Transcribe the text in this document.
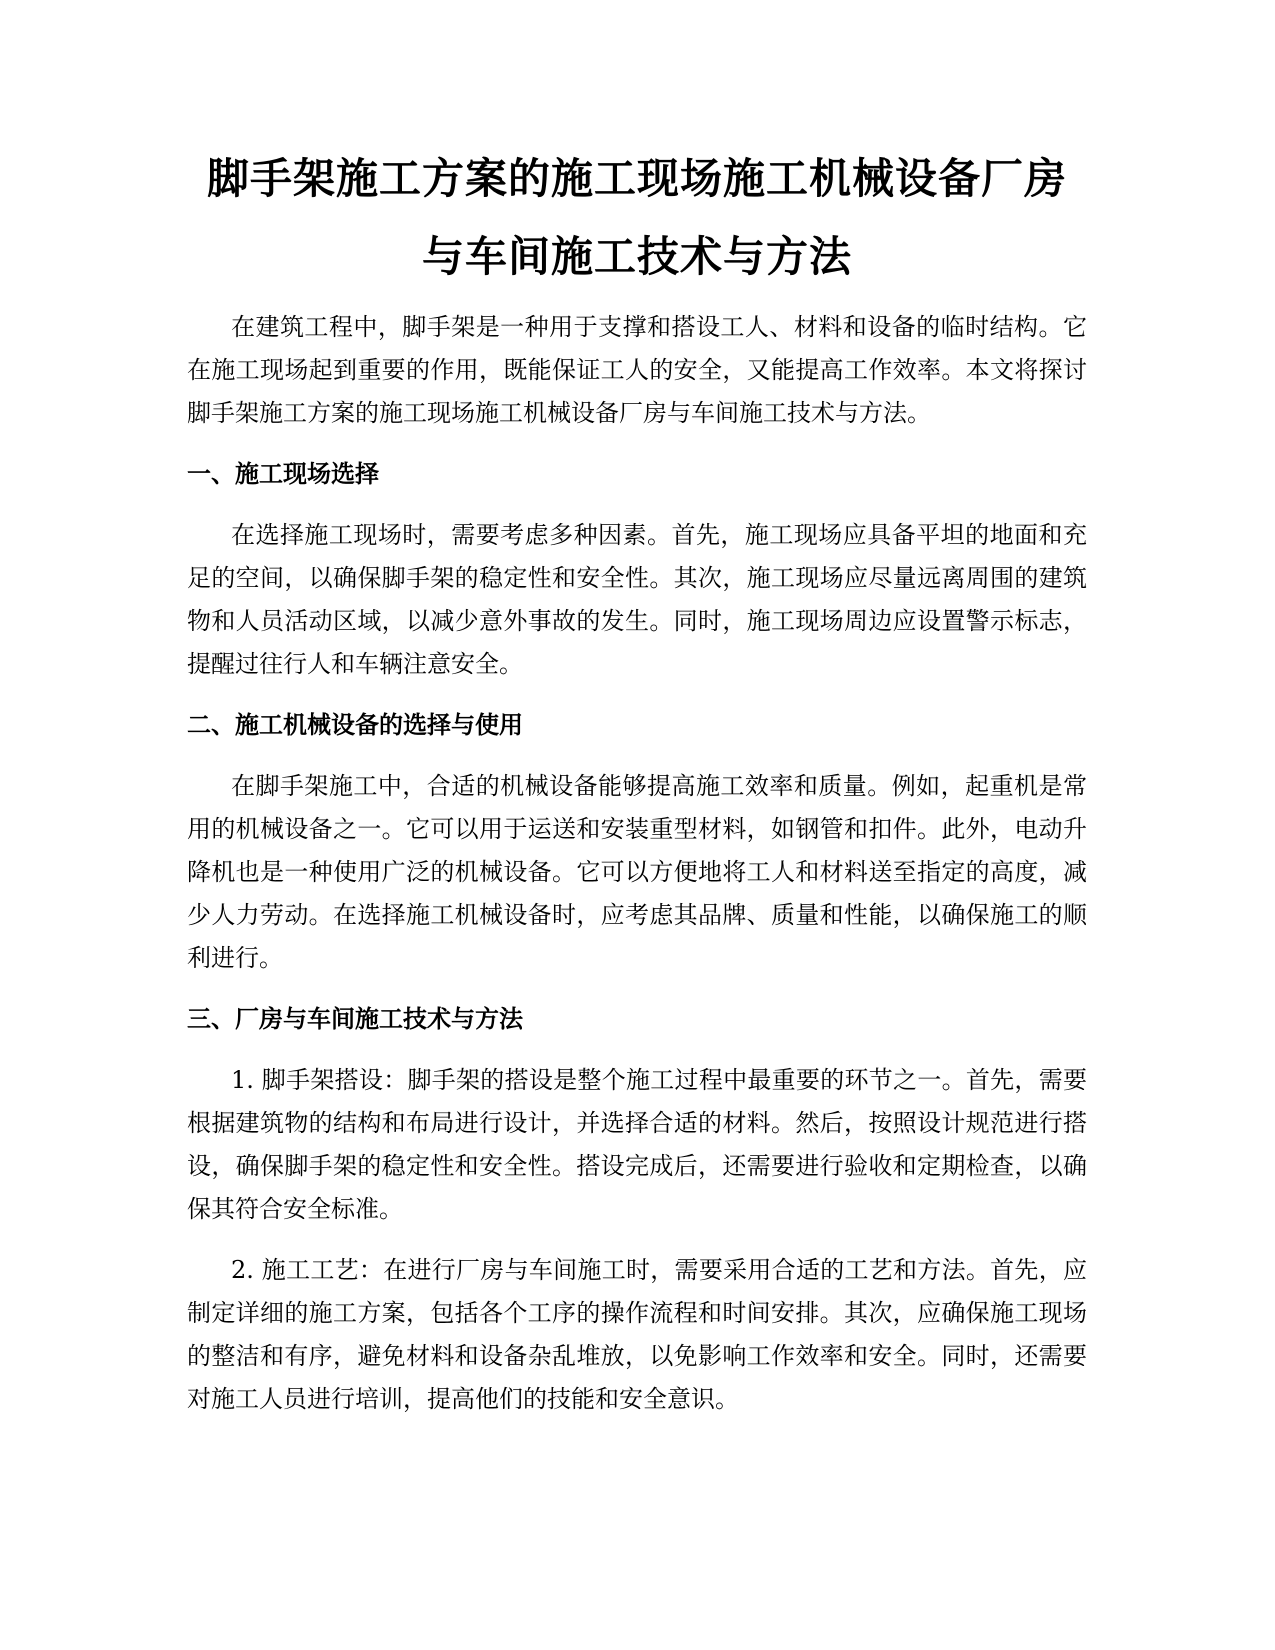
脚手架施工方案的施工现场施工机械设备厂房与车间施工技术与方法

在建筑工程中，脚手架是一种用于支撑和搭设工人、材料和设备的临时结构。它在施工现场起到重要的作用，既能保证工人的安全，又能提高工作效率。本文将探讨脚手架施工方案的施工现场施工机械设备厂房与车间施工技术与方法。

一、施工现场选择

在选择施工现场时，需要考虑多种因素。首先，施工现场应具备平坦的地面和充足的空间，以确保脚手架的稳定性和安全性。其次，施工现场应尽量远离周围的建筑物和人员活动区域，以减少意外事故的发生。同时，施工现场周边应设置警示标志，提醒过往行人和车辆注意安全。

二、施工机械设备的选择与使用

在脚手架施工中，合适的机械设备能够提高施工效率和质量。例如，起重机是常用的机械设备之一。它可以用于运送和安装重型材料，如钢管和扣件。此外，电动升降机也是一种使用广泛的机械设备。它可以方便地将工人和材料送至指定的高度，减少人力劳动。在选择施工机械设备时，应考虑其品牌、质量和性能，以确保施工的顺利进行。

三、厂房与车间施工技术与方法

1. 脚手架搭设：脚手架的搭设是整个施工过程中最重要的环节之一。首先，需要根据建筑物的结构和布局进行设计，并选择合适的材料。然后，按照设计规范进行搭设，确保脚手架的稳定性和安全性。搭设完成后，还需要进行验收和定期检查，以确保其符合安全标准。

2. 施工工艺：在进行厂房与车间施工时，需要采用合适的工艺和方法。首先，应制定详细的施工方案，包括各个工序的操作流程和时间安排。其次，应确保施工现场的整洁和有序，避免材料和设备杂乱堆放，以免影响工作效率和安全。同时，还需要对施工人员进行培训，提高他们的技能和安全意识。
